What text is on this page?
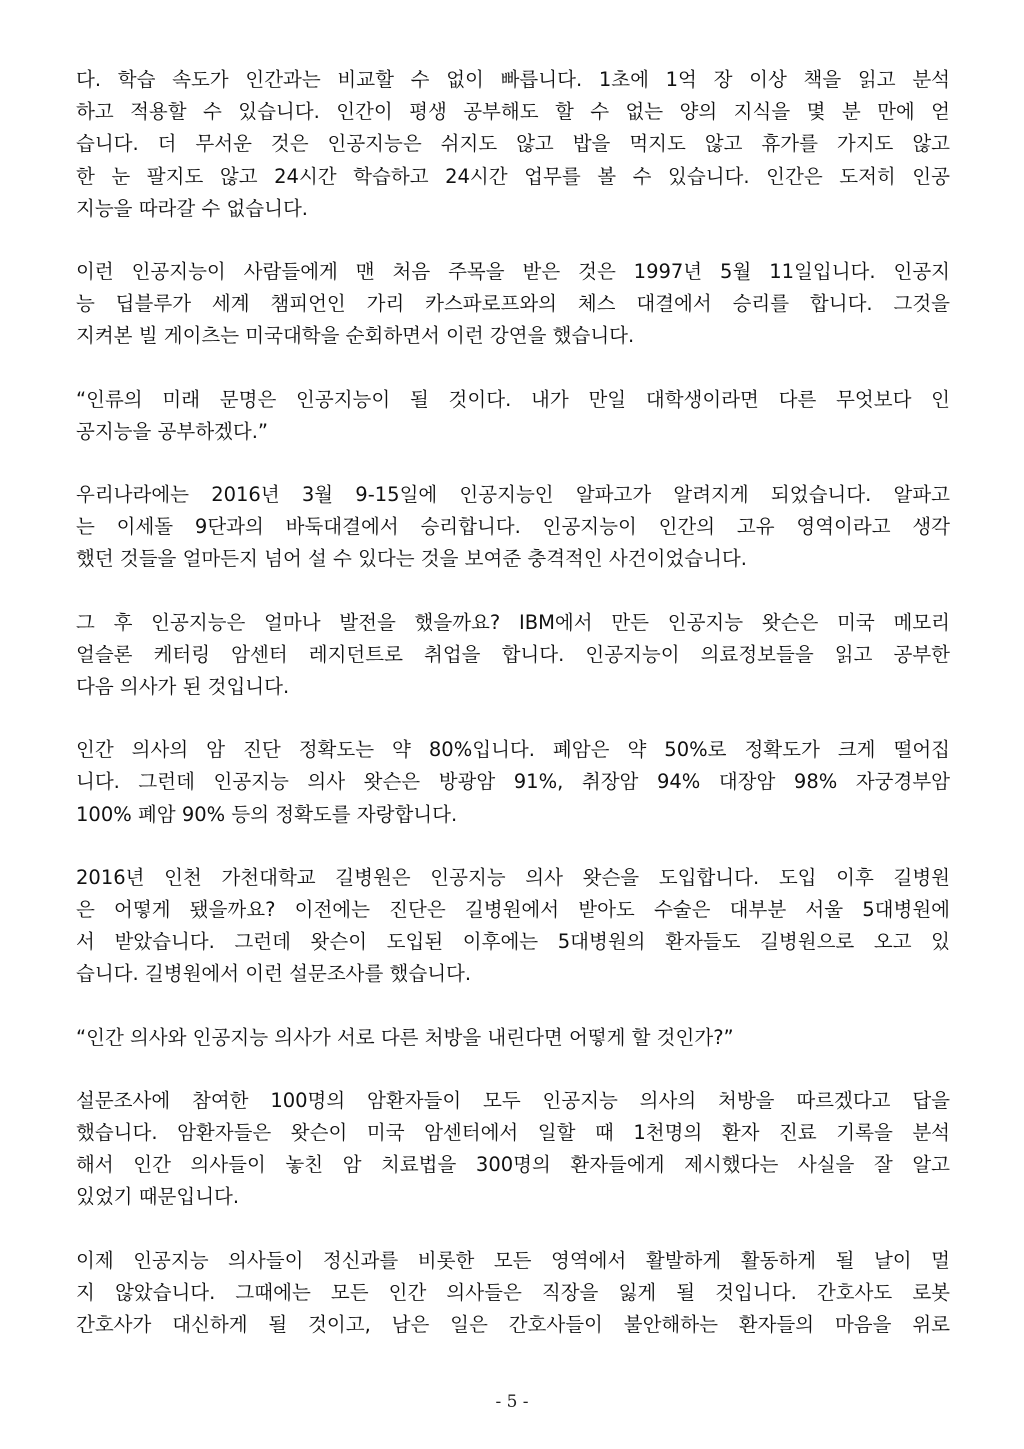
다. 학습 속도가 인간과는 비교할 수 없이 빠릅니다. 1초에 1억 장 이상 책을 읽고 분석
하고 적용할 수 있습니다. 인간이 평생 공부해도 할 수 없는 양의 지식을 몇 분 만에 얻
습니다. 더 무서운 것은 인공지능은 쉬지도 않고 밥을 먹지도 않고 휴가를 가지도 않고
한 눈 팔지도 않고 24시간 학습하고 24시간 업무를 볼 수 있습니다. 인간은 도저히 인공
지능을 따라갈 수 없습니다.

이런 인공지능이 사람들에게 맨 처음 주목을 받은 것은 1997년 5월 11일입니다. 인공지
능 딥블루가 세계 챔피언인 가리 카스파로프와의 체스 대결에서 승리를 합니다. 그것을
지켜본 빌 게이츠는 미국대학을 순회하면서 이런 강연을 했습니다.

“인류의 미래 문명은 인공지능이 될 것이다. 내가 만일 대학생이라면 다른 무엇보다 인
공지능을 공부하겠다.”

우리나라에는 2016년 3월 9-15일에 인공지능인 알파고가 알려지게 되었습니다. 알파고
는 이세돌 9단과의 바둑대결에서 승리합니다. 인공지능이 인간의 고유 영역이라고 생각
했던 것들을 얼마든지 넘어 설 수 있다는 것을 보여준 충격적인 사건이었습니다.

그 후 인공지능은 얼마나 발전을 했을까요? IBM에서 만든 인공지능 왓슨은 미국 메모리
얼슬론 케터링 암센터 레지던트로 취업을 합니다. 인공지능이 의료정보들을 읽고 공부한
다음 의사가 된 것입니다.

인간 의사의 암 진단 정확도는 약 80%입니다. 폐암은 약 50%로 정확도가 크게 떨어집
니다. 그런데 인공지능 의사 왓슨은 방광암 91%, 취장암 94% 대장암 98% 자궁경부암
100% 폐암 90% 등의 정확도를 자랑합니다.

2016년 인천 가천대학교 길병원은 인공지능 의사 왓슨을 도입합니다. 도입 이후 길병원
은 어떻게 됐을까요? 이전에는 진단은 길병원에서 받아도 수술은 대부분 서울 5대병원에
서 받았습니다. 그런데 왓슨이 도입된 이후에는 5대병원의 환자들도 길병원으로 오고 있
습니다. 길병원에서 이런 설문조사를 했습니다.

“인간 의사와 인공지능 의사가 서로 다른 처방을 내린다면 어떻게 할 것인가?”

설문조사에 참여한 100명의 암환자들이 모두 인공지능 의사의 처방을 따르겠다고 답을
했습니다. 암환자들은 왓슨이 미국 암센터에서 일할 때 1천명의 환자 진료 기록을 분석
해서 인간 의사들이 놓친 암 치료법을 300명의 환자들에게 제시했다는 사실을 잘 알고
있었기 때문입니다.

이제 인공지능 의사들이 정신과를 비롯한 모든 영역에서 활발하게 활동하게 될 날이 멀
지 않았습니다. 그때에는 모든 인간 의사들은 직장을 잃게 될 것입니다. 간호사도 로봇
간호사가 대신하게 될 것이고, 남은 일은 간호사들이 불안해하는 환자들의 마음을 위로

- 5 -
